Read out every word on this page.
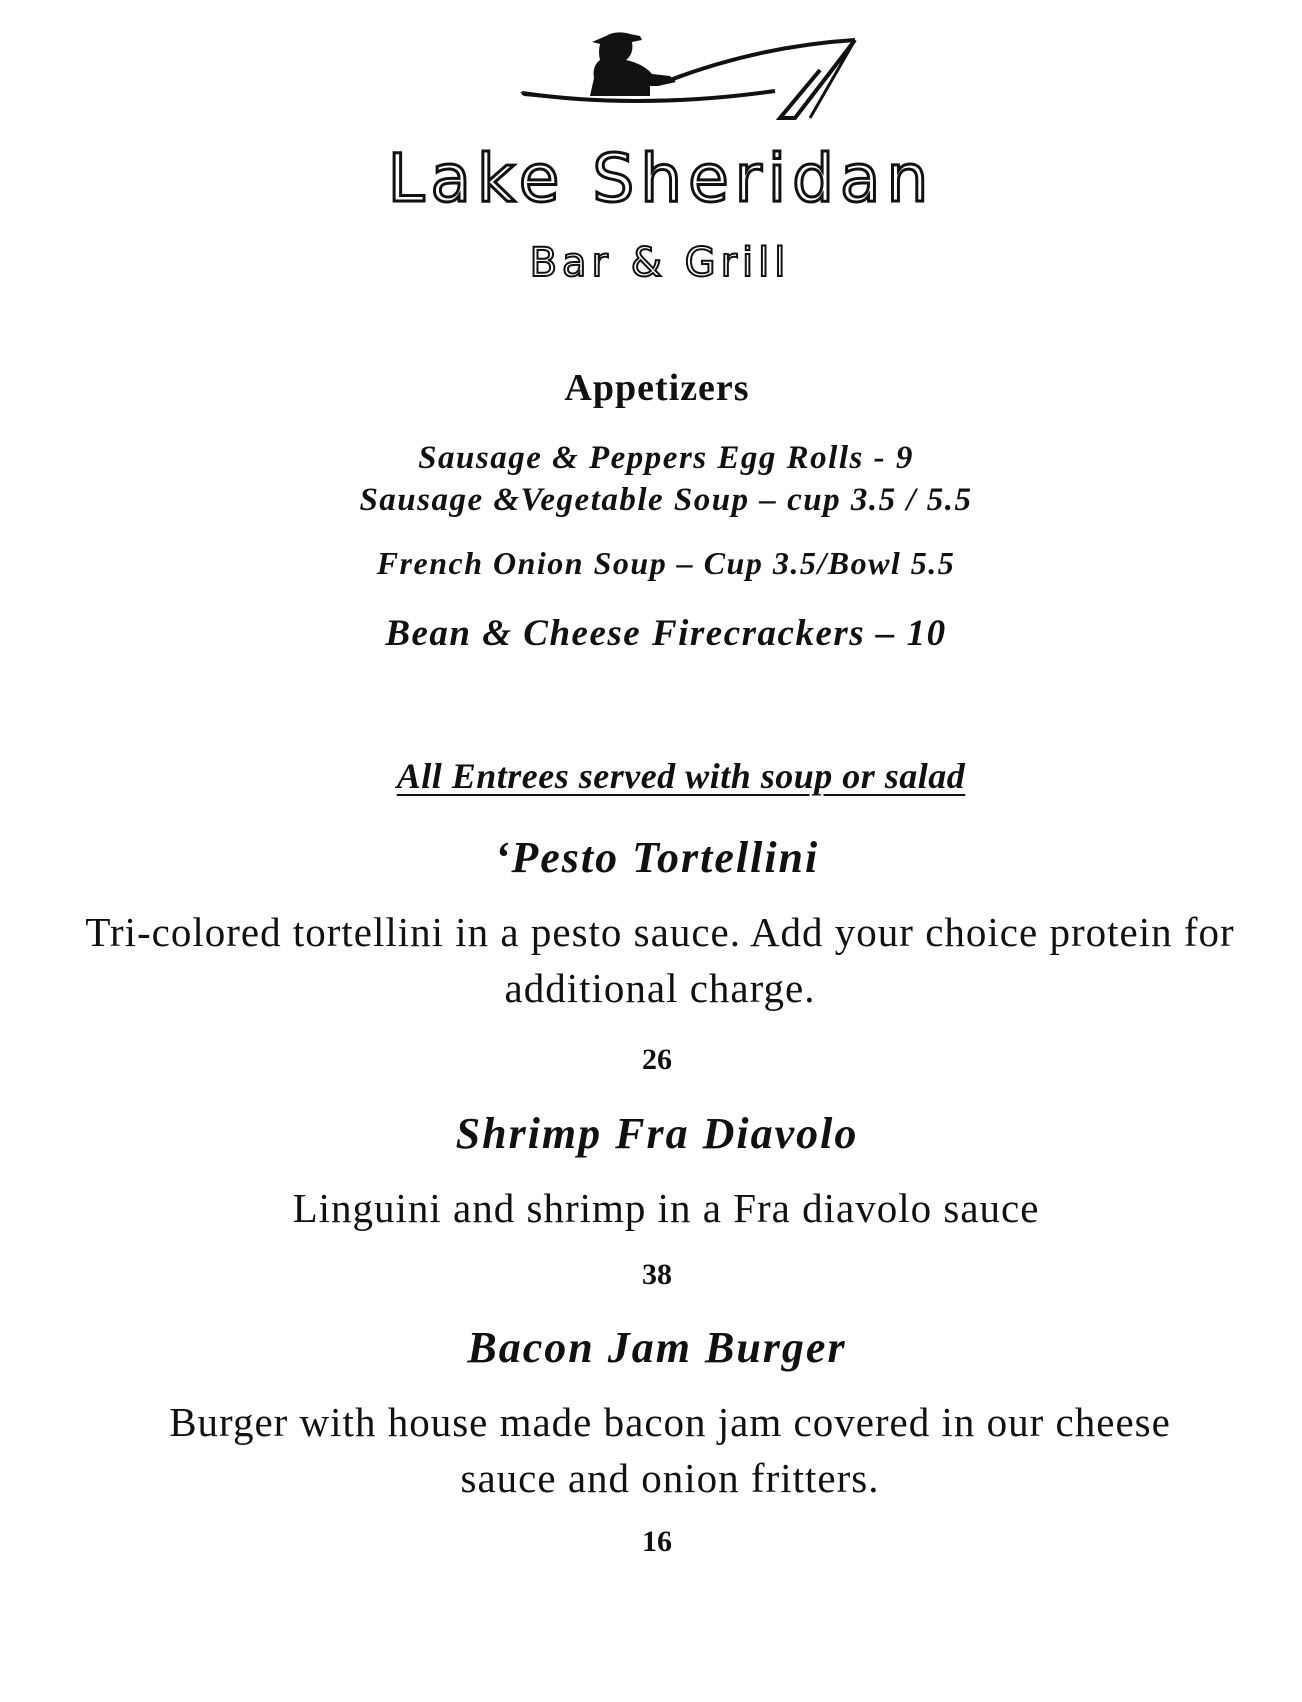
Lake Sheridan
Bar & Grill
Appetizers
Sausage & Peppers Egg Rolls - 9
Sausage &Vegetable Soup – cup 3.5 / 5.5
French Onion Soup – Cup 3.5/Bowl 5.5
Bean & Cheese Firecrackers – 10
All Entrees served with soup or salad
‘Pesto Tortellini
Tri-colored tortellini in a pesto sauce. Add your choice protein for additional charge.
26
Shrimp Fra Diavolo
Linguini and shrimp in a Fra diavolo sauce
38
Bacon Jam Burger
Burger with house made bacon jam covered in our cheese sauce and onion fritters.
16
